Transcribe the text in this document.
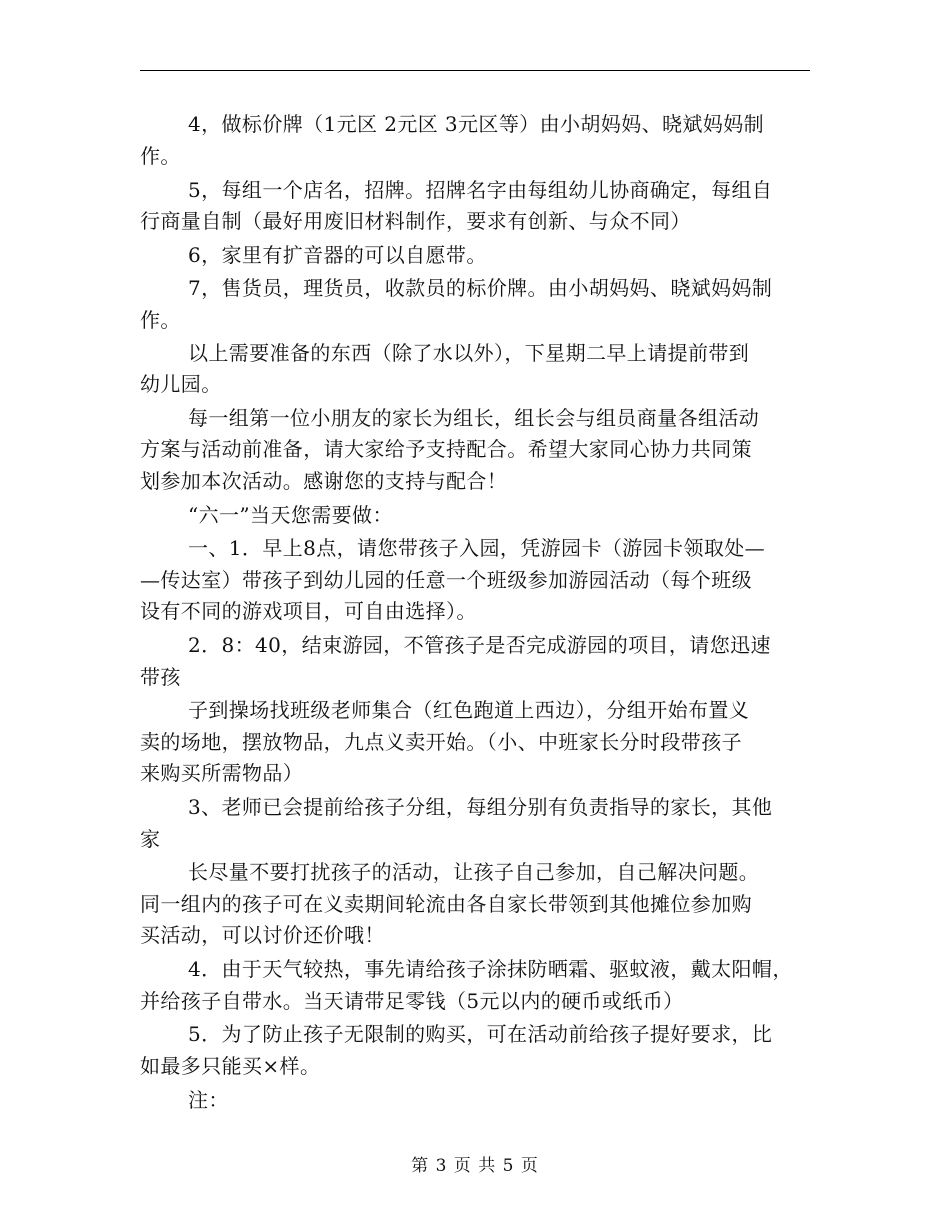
4，做标价牌（1元区 2元区 3元区等）由小胡妈妈、晓斌妈妈制
作。
5，每组一个店名，招牌。招牌名字由每组幼儿协商确定，每组自
行商量自制（最好用废旧材料制作，要求有创新、与众不同）
6，家里有扩音器的可以自愿带。
7，售货员，理货员，收款员的标价牌。由小胡妈妈、晓斌妈妈制
作。
以上需要准备的东西（除了水以外），下星期二早上请提前带到
幼儿园。
每一组第一位小朋友的家长为组长，组长会与组员商量各组活动
方案与活动前准备，请大家给予支持配合。希望大家同心协力共同策
划参加本次活动。感谢您的支持与配合！
“六一”当天您需要做：
一、1．早上8点，请您带孩子入园，凭游园卡（游园卡领取处—
—传达室）带孩子到幼儿园的任意一个班级参加游园活动（每个班级
设有不同的游戏项目，可自由选择）。
2．8：40，结束游园，不管孩子是否完成游园的项目，请您迅速
带孩
子到操场找班级老师集合（红色跑道上西边），分组开始布置义
卖的场地，摆放物品，九点义卖开始。（小、中班家长分时段带孩子
来购买所需物品）
3、老师已会提前给孩子分组，每组分别有负责指导的家长，其他
家
长尽量不要打扰孩子的活动，让孩子自己参加，自己解决问题。
同一组内的孩子可在义卖期间轮流由各自家长带领到其他摊位参加购
买活动，可以讨价还价哦！
4．由于天气较热，事先请给孩子涂抹防晒霜、驱蚊液，戴太阳帽，
并给孩子自带水。当天请带足零钱（5元以内的硬币或纸币）
5．为了防止孩子无限制的购买，可在活动前给孩子提好要求，比
如最多只能买×样。
注：
第 3 页 共 5 页
